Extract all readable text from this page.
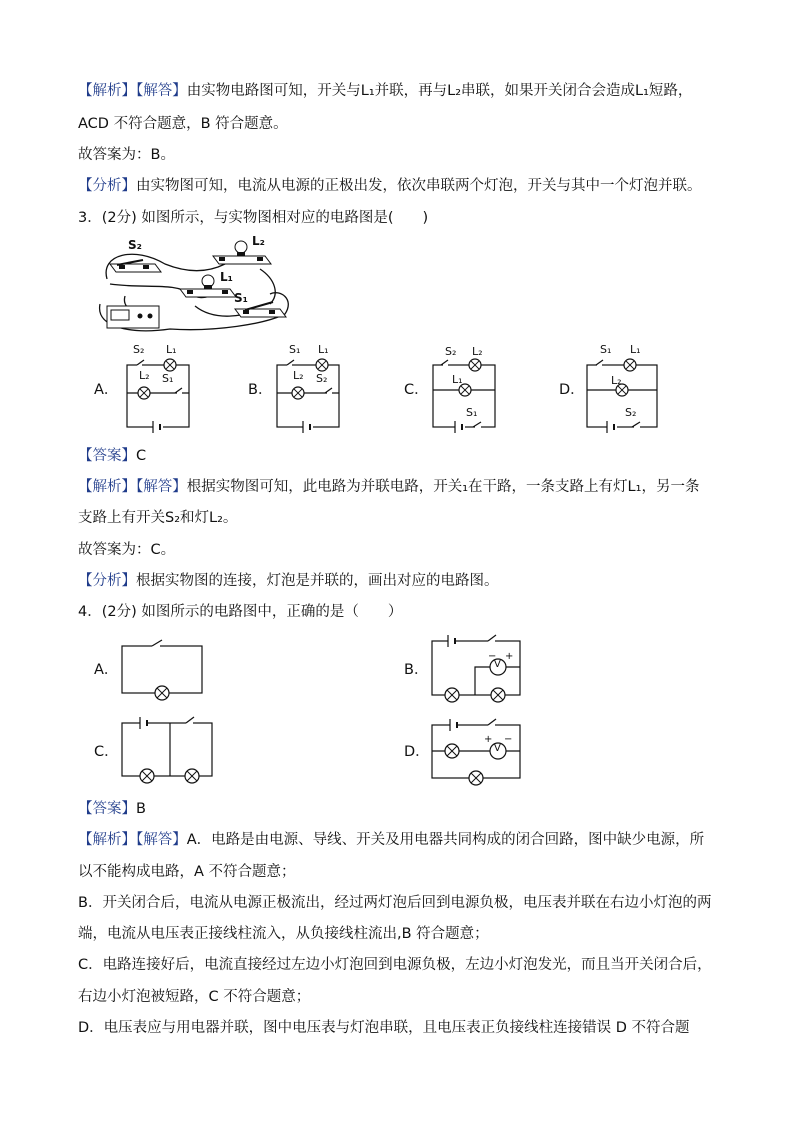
【解析】【解答】由实物电路图可知，开关与L₁并联，再与L₂串联，如果开关闭合会造成L₁短路，
ACD 不符合题意，B 符合题意。
故答案为：B。
【分析】由实物图可知，电流从电源的正极出发，依次串联两个灯泡，开关与其中一个灯泡并联。
3．(2分) 如图所示，与实物图相对应的电路图是(　　)
S₂	L₂
L₁
S₁
A．	B．	C．	D．
S₂ L₁
L₂ S₁
S₁ L₁
L₂ S₂
S₂ L₂
L₁
S₁
S₁ L₁
L₂
S₂
【答案】C
【解析】【解答】根据实物图可知，此电路为并联电路，开关₁在干路，一条支路上有灯L₁，另一条
支路上有开关S₂和灯L₂。
故答案为：C。
【分析】根据实物图的连接，灯泡是并联的，画出对应的电路图。
4．(2分) 如图所示的电路图中，正确的是（　　）
V
− +
V
+ −
A．	B．
C．	D．
【答案】B
【解析】【解答】A．电路是由电源、导线、开关及用电器共同构成的闭合回路，图中缺少电源，所
以不能构成电路，A 不符合题意；
B．开关闭合后，电流从电源正极流出，经过两灯泡后回到电源负极，电压表并联在右边小灯泡的两
端，电流从电压表正接线柱流入，从负接线柱流出,B 符合题意；
C．电路连接好后，电流直接经过左边小灯泡回到电源负极，左边小灯泡发光，而且当开关闭合后，
右边小灯泡被短路，C 不符合题意；
D．电压表应与用电器并联，图中电压表与灯泡串联，且电压表正负接线柱连接错误 D 不符合题
